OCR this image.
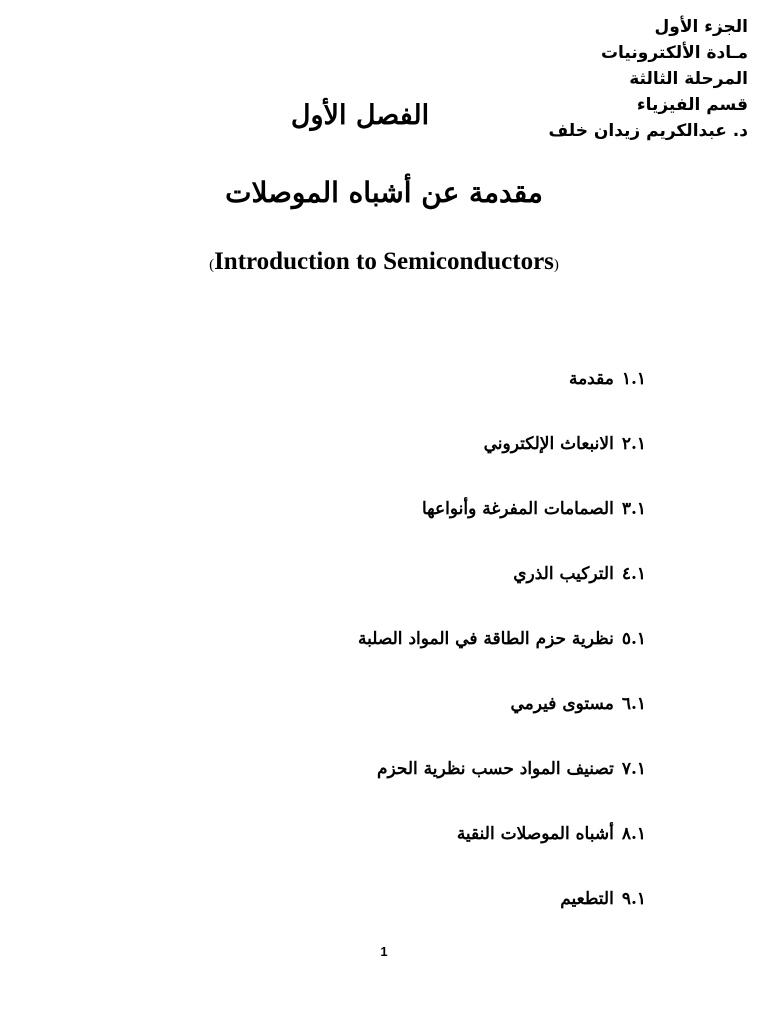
الجزء الأول
مـادة الألكترونيات
المرحلة الثالثة
قسم الفيزياء
د. عبدالكريم زيدان خلف
الفصل الأول
مقدمة عن أشباه الموصلات
(Introduction to Semiconductors)
١.١مقدمة
٢.١الانبعاث الإلكتروني
٣.١الصمامات المفرغة وأنواعها
٤.١التركيب الذري
٥.١نظرية حزم الطاقة في المواد الصلبة
٦.١مستوى فيرمي
٧.١تصنيف المواد حسب نظرية الحزم
٨.١أشباه الموصلات النقية
٩.١التطعيم
1
